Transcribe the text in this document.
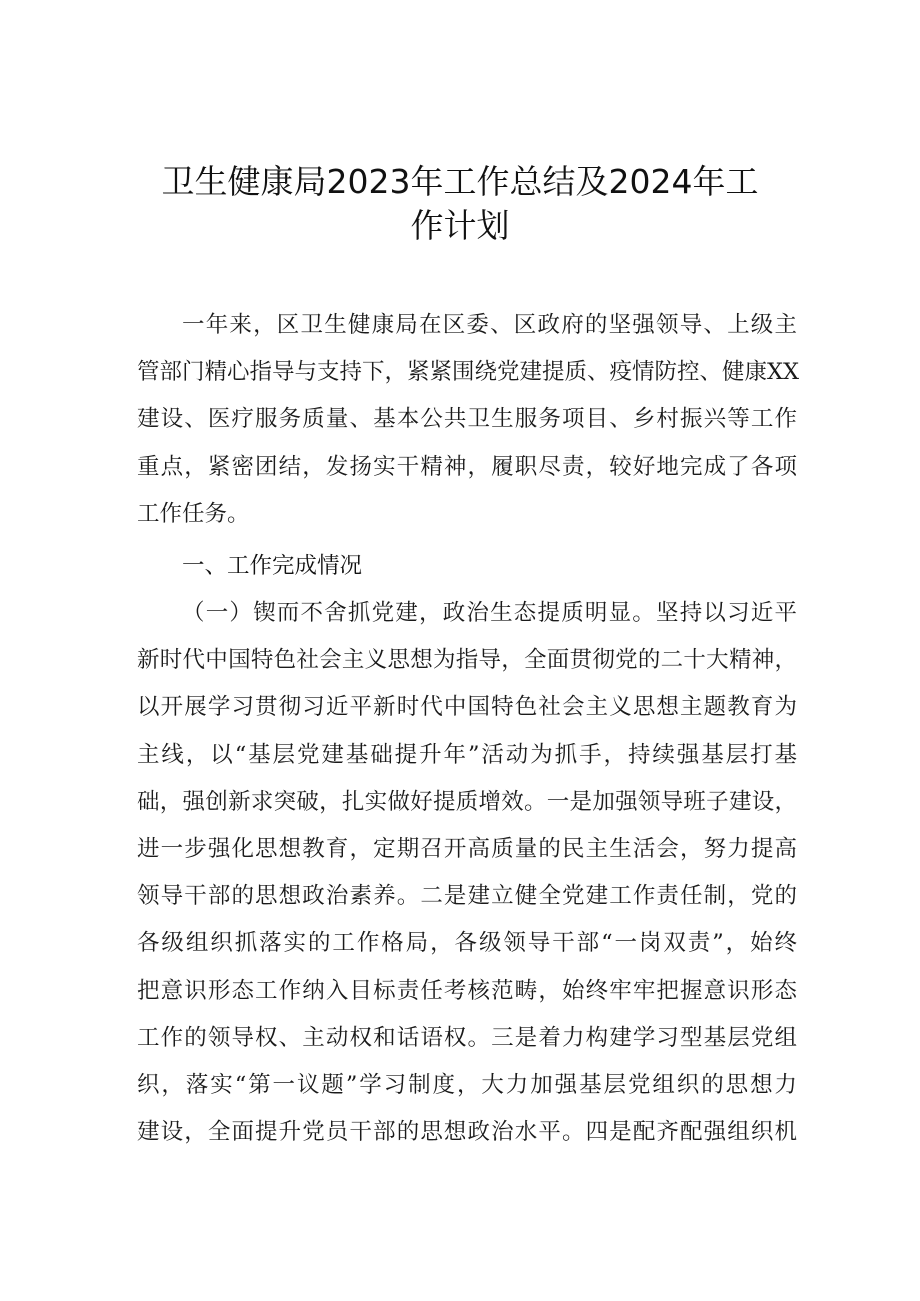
卫生健康局2023年工作总结及2024年工
作计划
一年来，区卫生健康局在区委、区政府的坚强领导、上级主
管部门精心指导与支持下，紧紧围绕党建提质、疫情防控、健康XX
建设、医疗服务质量、基本公共卫生服务项目、乡村振兴等工作
重点，紧密团结，发扬实干精神，履职尽责，较好地完成了各项
工作任务。
一、工作完成情况
（一）锲而不舍抓党建，政治生态提质明显。坚持以习近平
新时代中国特色社会主义思想为指导，全面贯彻党的二十大精神，
以开展学习贯彻习近平新时代中国特色社会主义思想主题教育为
主线，以“基层党建基础提升年”活动为抓手，持续强基层打基
础，强创新求突破，扎实做好提质增效。一是加强领导班子建设，
进一步强化思想教育，定期召开高质量的民主生活会，努力提高
领导干部的思想政治素养。二是建立健全党建工作责任制，党的
各级组织抓落实的工作格局，各级领导干部“一岗双责”，始终
把意识形态工作纳入目标责任考核范畴，始终牢牢把握意识形态
工作的领导权、主动权和话语权。三是着力构建学习型基层党组
织，落实“第一议题”学习制度，大力加强基层党组织的思想力
建设，全面提升党员干部的思想政治水平。四是配齐配强组织机
